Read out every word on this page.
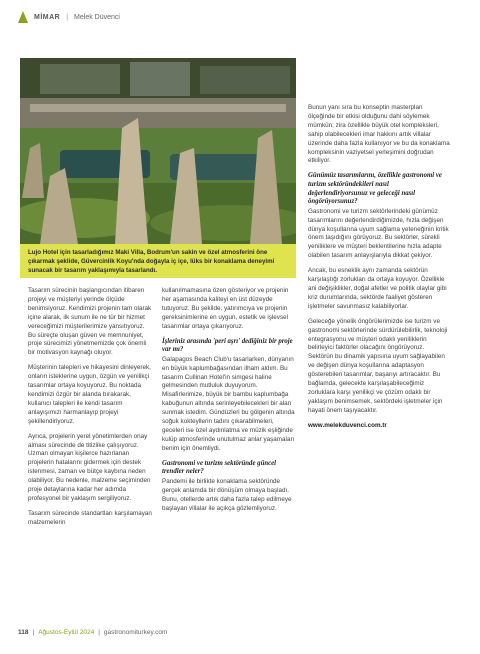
MİMAR | Melek Düvenci
Lujo Hotel için tasarladığımız Maki Villa, Bodrum'un sakin ve özel atmosferini öne çıkarmak şeklide, Güvercinlik Koyu'nda doğayla iç içe, lüks bir konaklama deneyimi sunacak bir tasarım yaklaşımıyla tasarlandı.

Tasarım sürecinin başlangıcından itibaren projeyi ve müşteriyi yerinde ölçüde benimsiyoruz. Kendimizi projenin tam olarak içine alarak, ilk sunum ile ne tür bir hizmet vereceğimizi müşterilerimize yansıtıyoruz. Bu süreçte oluşan güven ve memnuniyet, proje sürecimizi yönetmemizde çok önemli bir motivasyon kaynağı oluyor.

Müşterinin talepleri ve hikayesini dinleyerek, onların isteklerine uygun, özgün ve yenilikçi tasarımlar ortaya koyuyoruz. Bu noktada kendimizi özgür bir alanda bırakarak, kullanıcı talepleri ile kendi tasarım anlayışımızı harmanlayıp projeyi şekillendiriyoruz.

Ayrıca, projelerin yerel yönetimlerden onay alması sürecinde de titizlike çalışıyoruz. Uzman olmayan kişilerce hazırlanan projelerin hatalarını gidermek için destek istenmesi, zaman ve bütçe kaybına neden olabiliyor. Bu nedenle, malzeme seçiminden proje detaylarına kadar her adımda profesyonel bir yaklaşım sergiliyoruz.

Tasarım sürecinde standartları karşılamayan malzemelerin

kullanılmamasına özen gösteriyor ve projenin her aşamasında kaliteyi en üst düzeyde tutuyoruz. Bu şekilde, yatırımcıya ve projenin gereksinimlerine en uygun, estetik ve işlevsel tasarımlar ortaya çıkarıyoruz.

İşleriniz arasında 'peri aşrı' dediğiniz bir proje var mı?

Galapagos Beach Club'u tasarlarken, dünyanın en büyük kaplumbağasından ilham aldım. Bu tasarım Cullinan Hotel'in simgesi haline gelmesinden mutluluk duyuyorum. Misafirlerimize, büyük bir bambu kaplumbağa kabuğunun altında serinleyebilecekleri bir alan sunmak istedim. Gündüzleri bu gölgenin altında soğuk kokteyllerin tadını çıkarabilmeleri, geceleri ise özel aydınlatma ve müzik eşliğinde kulüp atmosferinde unutulmaz anlar yaşamaları benim için önemliydi.

Gastronomi ve turizm sektöründe güncel trendler neler?

Pandemi ile birlikte konaklama sektöründe gerçek anlamda bir dönüşüm olmaya başladı. Bunu, otellerde artık daha fazla talep edilmeye başlayan villalar ile açıkça gözlemliyoruz.

Bunun yanı sıra bu konseptin masterplan ölçeğinde bir etkisi olduğunu dahi söylemek mümkün; zira özellikle büyük otel kompleksleri, sahip olabilecekleri imar hakkını artık villalar üzerinde daha fazla kullanıyor ve bu da konaklama kompleksinin vaziyetsel yerleşimini doğrudan etkiliyor.

Günümüz tasarımlarını, özellikle gastronomi ve turizm sektöründekileri nasıl değerlendiriyorsunuz ve geleceği nasıl öngörüyorsunuz?

Gastronomi ve turizm sektörlerindeki günümüz tasarımlarını değerlendirdiğimizde, hızla değişen dünya koşullarına uyum sağlama yeteneğinin kritik önem taşıdığını görüyoruz. Bu sektörler, sürekli yeniliklere ve müşteri beklentilerine hızla adapte olabilen tasarım anlayışlarıyla dikkat çekiyor.

Ancak, bu esneklik aynı zamanda sektörün karşılaştığı zorlukları da ortaya koyuyor. Özellikle ani değişiklikler, doğal afetler ve politik olaylar gibi kriz durumlarında, sektörde faaliyet gösteren işletmeler savunmasız kalabiliyorlar.

Geleceğe yönelik öngörülerimizde ise turizm ve gastronomi sektörlerinde sürdürülebilirlik, teknoloji entegrasyonu ve müşteri odaklı yeniliklerin belirleyici faktörler olacağını öngörüyoruz. Sektörün bu dinamik yapısına uyum sağlayabilen ve değişen dünya koşullarına adaptasyon gösterebilen tasarımlar, başarıyı artıracaktır. Bu bağlamda, gelecekte karşılaşabileceğimiz zorluklara karşı yenilikçi ve çözüm odaklı bir yaklaşım benimsemek, sektördeki işletmeler için hayati önem taşıyacaktır.

www.melekduvenci.com.tr

118 | Ağustos-Eylül 2024 | gastronomiturkey.com
